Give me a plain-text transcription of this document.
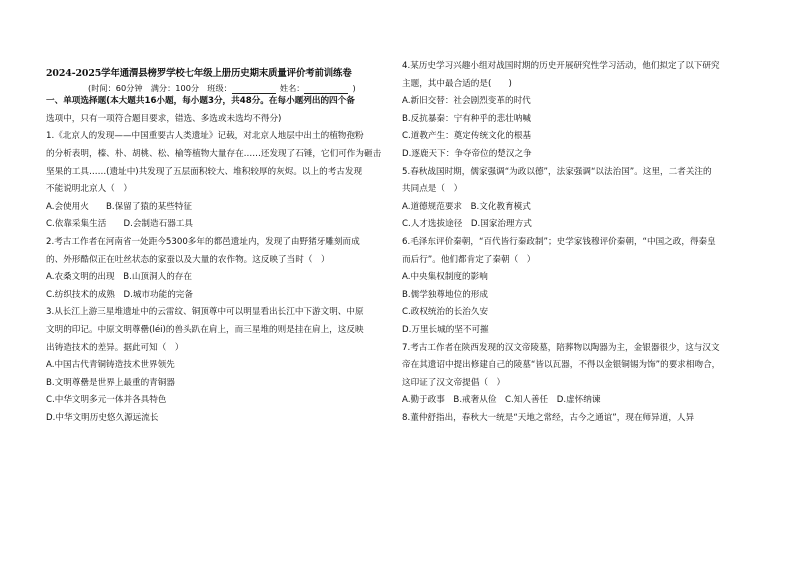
一、单项选择题(本大题共16小题，每小题3分，共48分。在每小题列出的四个备
选项中，只有一项符合题目要求，错选、多选或未选均不得分)
1.《北京人的发现——中国重要古人类遗址》记载，对北京人地层中出土的植物孢粉
的分析表明，榛、朴、胡桃、松、榆等植物大量存在……还发现了石锤，它们可作为砸击
坚果的工具……(遗址中)共发现了五层面积较大、堆积较厚的灰烬。以上的考古发现
不能说明北京人（　）
A.会使用火　　B.保留了猿的某些特征
C.依靠采集生活　　D.会制造石器工具
2.考古工作者在河南省一处距今5300多年的都邑遗址内，发现了由野猪牙雕刻而成
的、外形酷似正在吐丝状态的家蚕以及大量的农作物。这反映了当时（　）
A.农桑文明的出现　B.山顶洞人的存在
C.纺织技术的成熟　D.城市功能的完备
3.从长江上游三星堆遗址中的云雷纹、铜顶尊中可以明显看出长江中下游文明、中原
文明的印记。中原文明尊罍(léi)的兽头趴在肩上，而三星堆的则是挂在肩上，这反映
出铸造技术的差异。据此可知（　）
A.中国古代青铜铸造技术世界领先
B.文明尊罍是世界上最重的青铜器
C.中华文明多元一体并各具特色
D.中华文明历史悠久源远流长
2024-2025学年通渭县榜罗学校七年级上册历史期末质量评价考前训练卷
(时间：60分钟　满分：100分　班级：	姓名：	)
4.某历史学习兴趣小组对战国时期的历史开展研究性学习活动，他们拟定了以下研究
主题，其中最合适的是(　　)
A.新旧交替：社会剧烈变革的时代
B.反抗暴秦：宁有种乎的悲壮呐喊
C.道教产生：奠定传统文化的根基
D.逐鹿天下：争夺帝位的楚汉之争
5.春秋战国时期，儒家强调“为政以德”，法家强调“以法治国”。这里，二者关注的
共同点是（　）
A.道德规范要求　B.文化教育模式
C.人才选拔途径　D.国家治理方式
6.毛泽东评价秦朝，“百代皆行秦政制”；史学家钱穆评价秦朝，“中国之政，得秦皇
而后行”。他们都肯定了秦朝（　）
A.中央集权制度的影响
B.儒学独尊地位的形成
C.政权统治的长治久安
D.万里长城的坚不可摧
7.考古工作者在陕西发现的汉文帝陵墓，陪葬物以陶器为主，金银器很少，这与汉文
帝在其遗诏中提出修建自己的陵墓“皆以瓦器，不得以金银铜锡为饰”的要求相吻合，
这印证了汉文帝提倡（　）
A.勤于政事　B.戒奢从俭　C.知人善任　D.虚怀纳谏
8.董仲舒指出，春秋大一统是“天地之常经，古今之通谊”，现在师异道，人异
